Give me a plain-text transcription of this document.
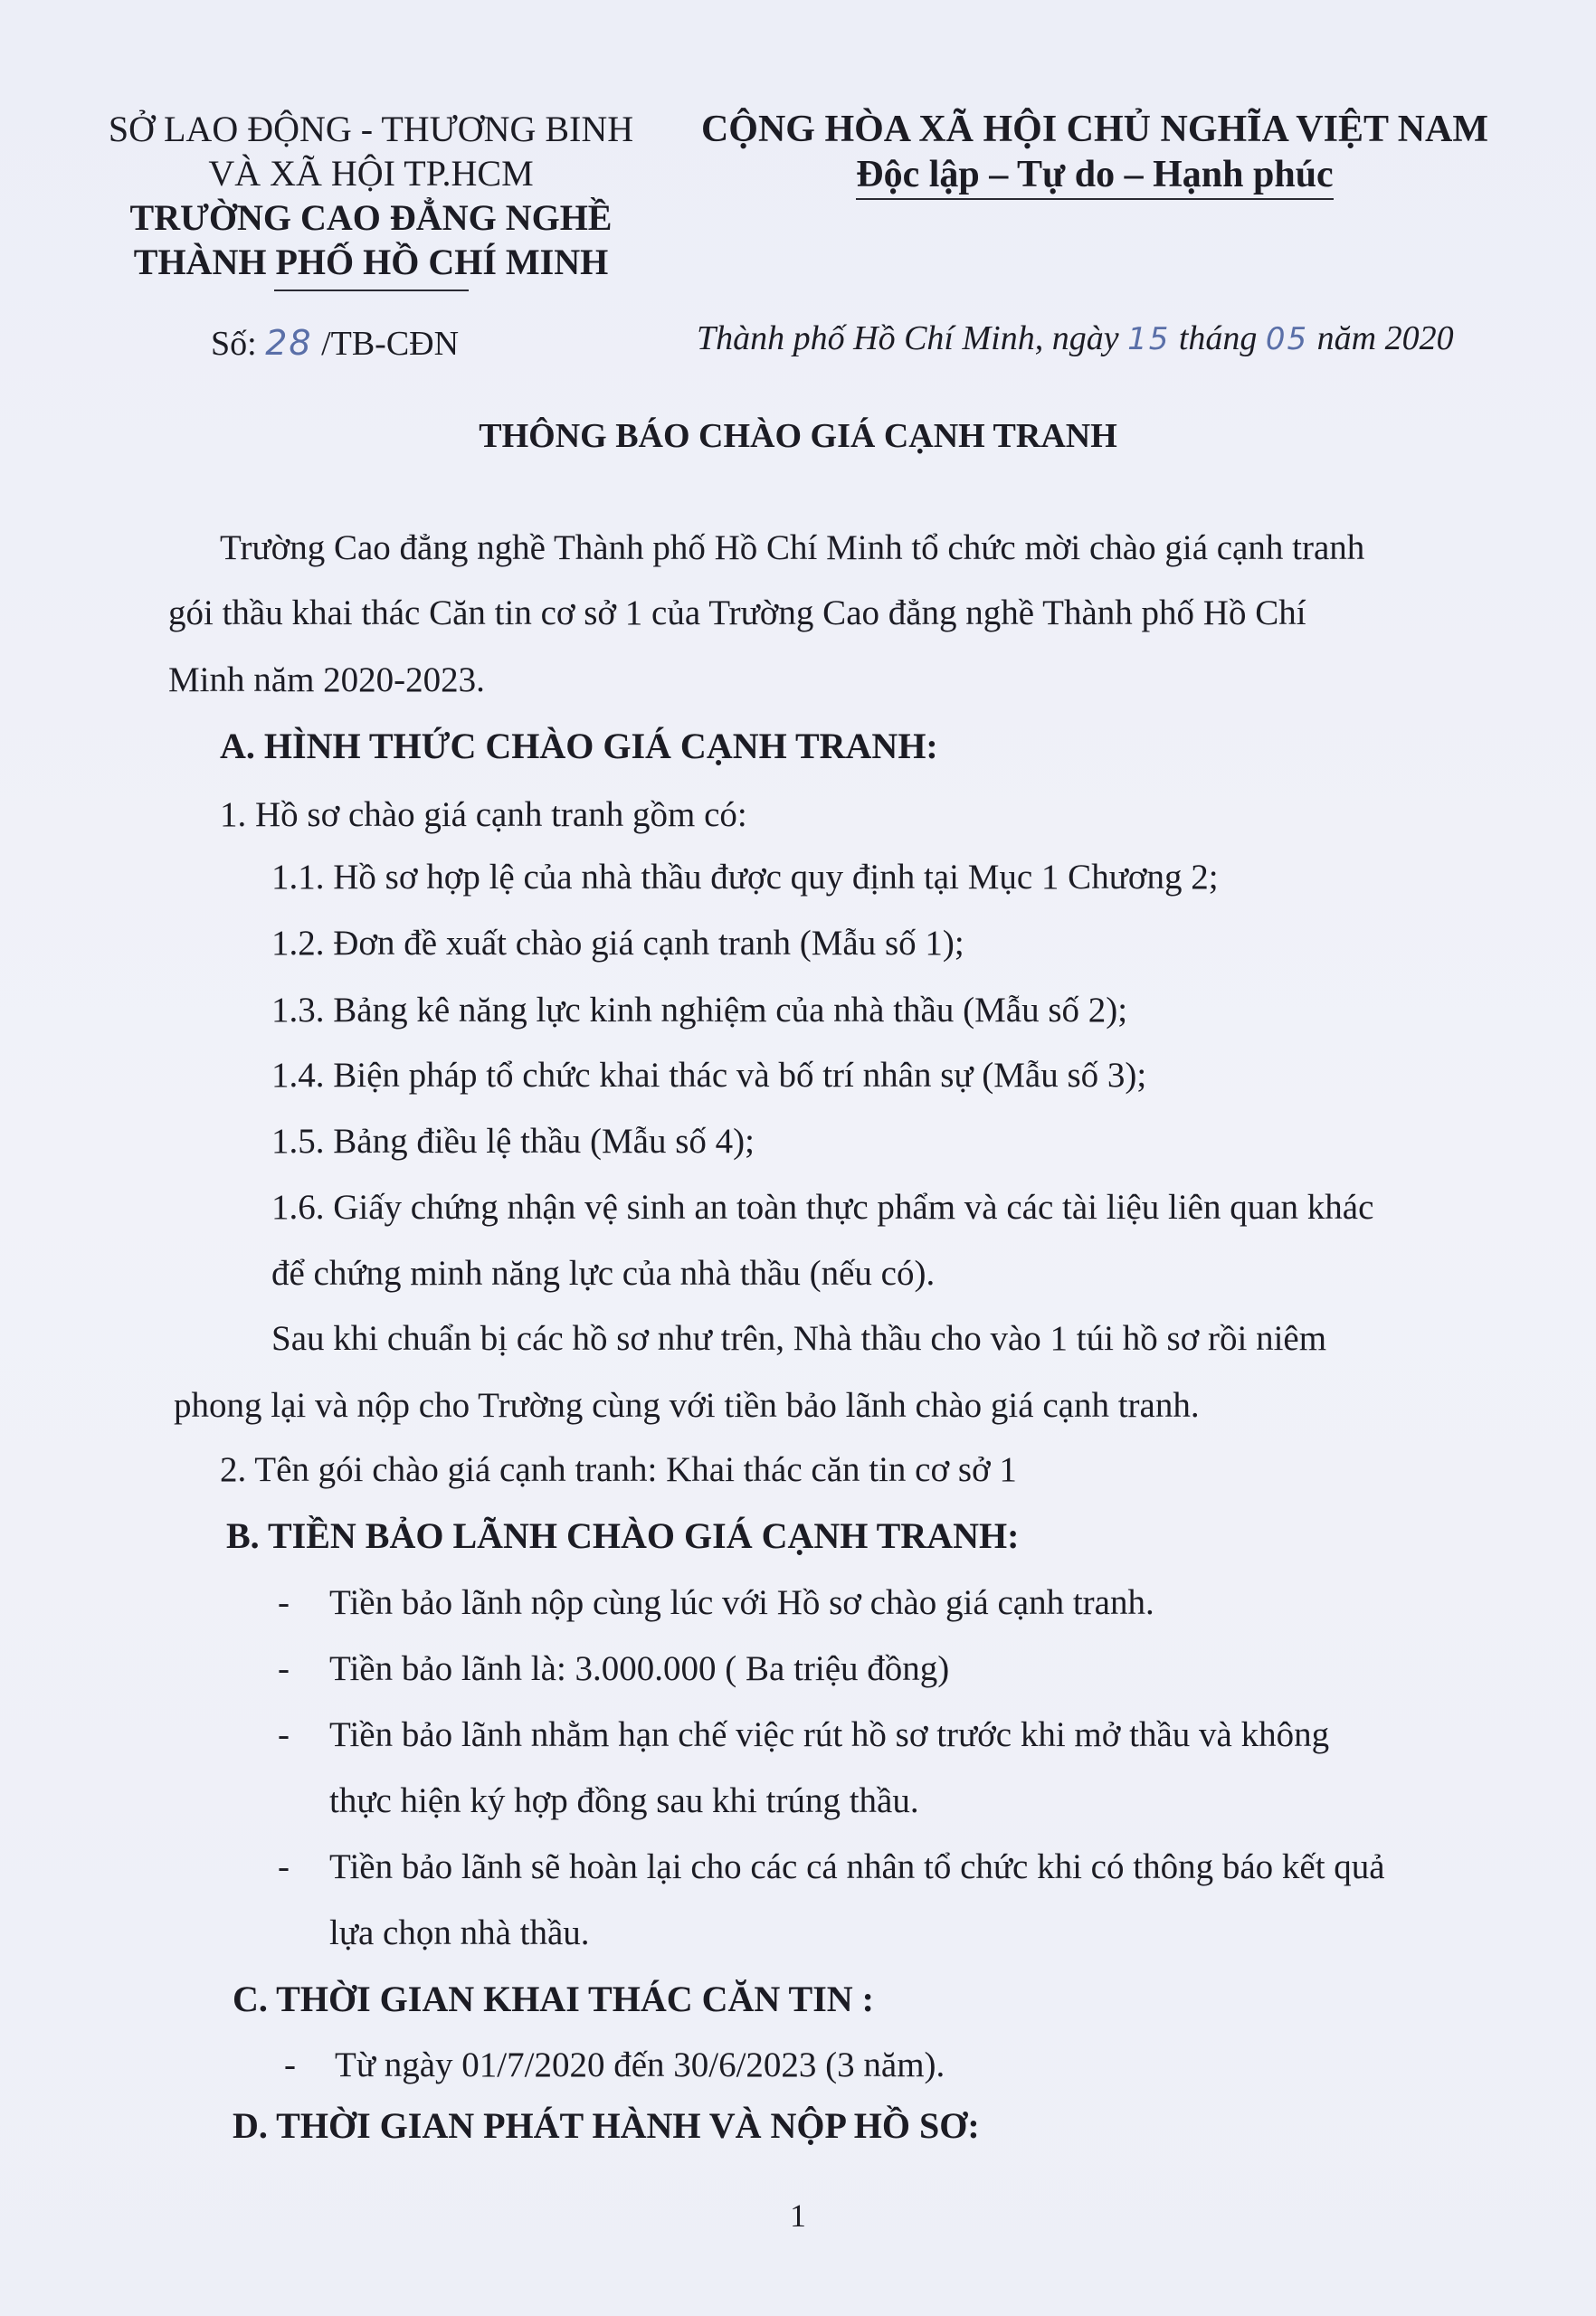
SỞ LAO ĐỘNG - THƯƠNG BINH
VÀ XÃ HỘI TP.HCM
TRƯỜNG CAO ĐẲNG NGHỀ
THÀNH PHỐ HỒ CHÍ MINH
CỘNG HÒA XÃ HỘI CHỦ NGHĨA VIỆT NAM
Độc lập – Tự do – Hạnh phúc
Số: 28 /TB-CĐN	Thành phố Hồ Chí Minh, ngày 15 tháng 05 năm 2020
THÔNG BÁO CHÀO GIÁ CẠNH TRANH
Trường Cao đẳng nghề Thành phố Hồ Chí Minh tổ chức mời chào giá cạnh tranh
gói thầu khai thác Căn tin cơ sở 1 của Trường Cao đẳng nghề Thành phố Hồ Chí
Minh năm 2020-2023.
A. HÌNH THỨC CHÀO GIÁ CẠNH TRANH:
1. Hồ sơ chào giá cạnh tranh gồm có:
1.1. Hồ sơ hợp lệ của nhà thầu được quy định tại Mục 1 Chương 2;
1.2. Đơn đề xuất chào giá cạnh tranh (Mẫu số 1);
1.3. Bảng kê năng lực kinh nghiệm của nhà thầu (Mẫu số 2);
1.4. Biện pháp tổ chức khai thác và bố trí nhân sự (Mẫu số 3);
1.5. Bảng điều lệ thầu (Mẫu số 4);
1.6. Giấy chứng nhận vệ sinh an toàn thực phẩm và các tài liệu liên quan khác
để chứng minh năng lực của nhà thầu (nếu có).
Sau khi chuẩn bị các hồ sơ như trên, Nhà thầu cho vào 1 túi hồ sơ rồi niêm
phong lại và nộp cho Trường cùng với tiền bảo lãnh chào giá cạnh tranh.
2. Tên gói chào giá cạnh tranh: Khai thác căn tin cơ sở 1
B. TIỀN BẢO LÃNH CHÀO GIÁ CẠNH TRANH:
- Tiền bảo lãnh nộp cùng lúc với Hồ sơ chào giá cạnh tranh.
- Tiền bảo lãnh là: 3.000.000 ( Ba triệu đồng)
- Tiền bảo lãnh nhằm hạn chế việc rút hồ sơ trước khi mở thầu và không
thực hiện ký hợp đồng sau khi trúng thầu.
- Tiền bảo lãnh sẽ hoàn lại cho các cá nhân tổ chức khi có thông báo kết quả
lựa chọn nhà thầu.
C. THỜI GIAN KHAI THÁC CĂN TIN :
- Từ ngày 01/7/2020 đến 30/6/2023 (3 năm).
D. THỜI GIAN PHÁT HÀNH VÀ NỘP HỒ SƠ:
1
